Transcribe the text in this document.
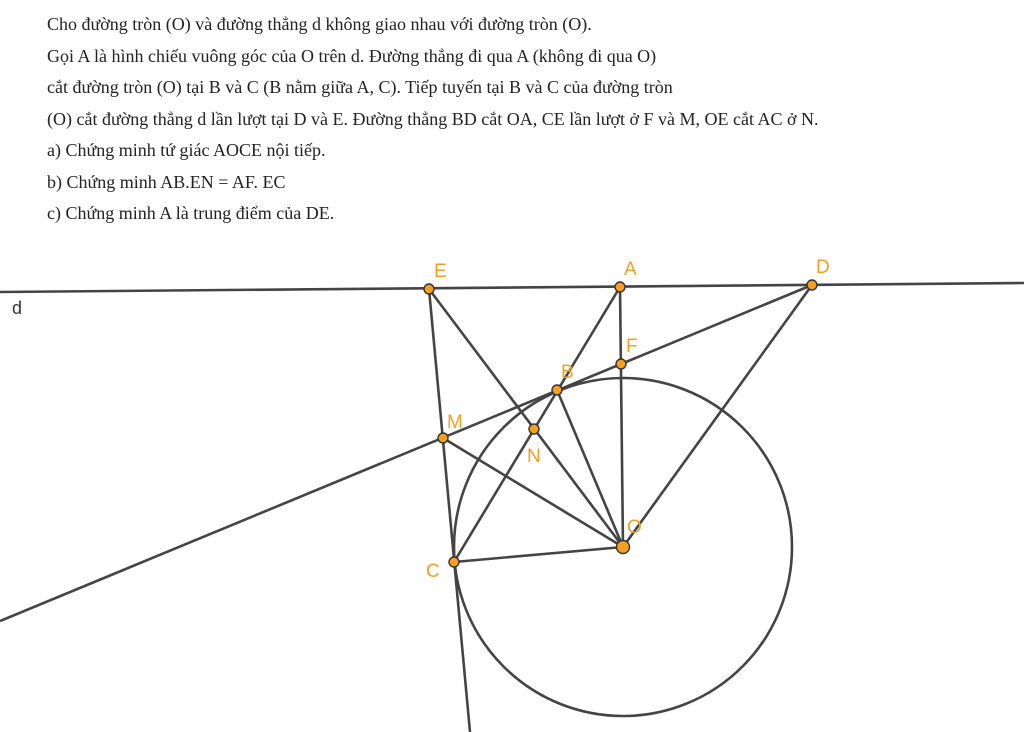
Cho đường tròn (O) và đường thẳng d không giao nhau với đường tròn (O).

Gọi A là hình chiếu vuông góc của O trên d. Đường thẳng đi qua A (không đi qua O)

cắt đường tròn (O) tại B và C (B nằm giữa A, C). Tiếp tuyến tại B và C của đường tròn

(O) cắt đường thẳng d lần lượt tại D và E. Đường thẳng BD cắt OA, CE lần lượt ở F và M, OE cắt AC ở N.

a) Chứng minh tứ giác AOCE nội tiếp.

b) Chứng minh AB.EN = AF. EC

c) Chứng minh A là trung điểm của DE.

d
E	A	D
F
B
M
N
O
C
